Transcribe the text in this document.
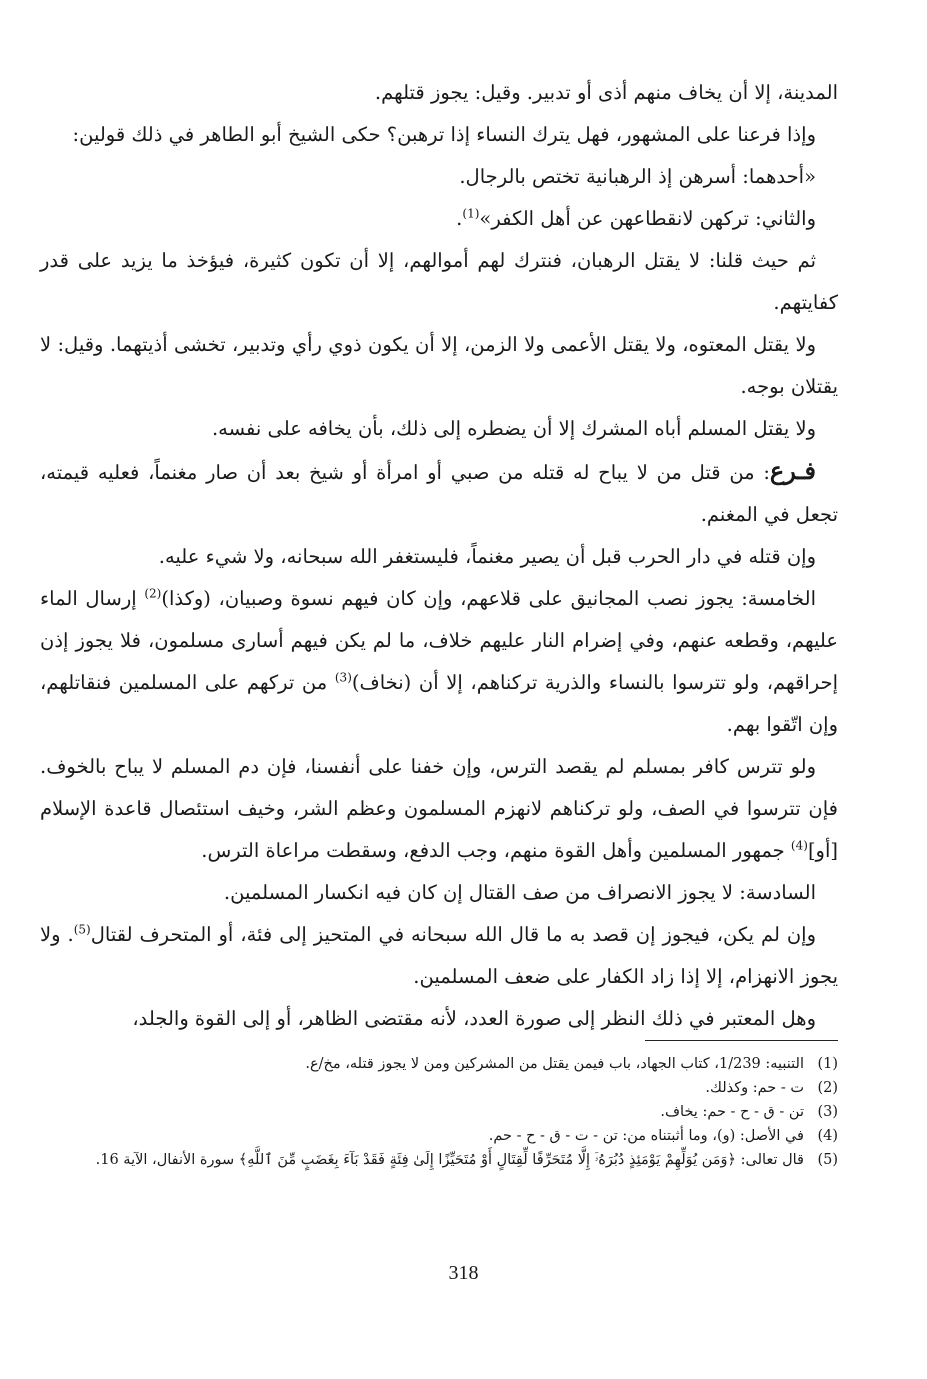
المدينة، إلا أن يخاف منهم أذى أو تدبير. وقيل: يجوز قتلهم.

وإذا فرعنا على المشهور، فهل يترك النساء إذا ترهبن؟ حكى الشيخ أبو الطاهر في ذلك قولين:

«أحدهما: أسرهن إذ الرهبانية تختص بالرجال.

والثاني: تركهن لانقطاعهن عن أهل الكفر»$^{(1)}$.

ثم حيث قلنا: لا يقتل الرهبان، فنترك لهم أموالهم، إلا أن تكون كثيرة، فيؤخذ ما يزيد على قدر كفايتهم.

ولا يقتل المعتوه، ولا يقتل الأعمى ولا الزمن، إلا أن يكون ذوي رأي وتدبير، تخشى أذيتهما. وقيل: لا يقتلان بوجه.

ولا يقتل المسلم أباه المشرك إلا أن يضطره إلى ذلك، بأن يخافه على نفسه.

فـرع: من قتل من لا يباح له قتله من صبي أو امرأة أو شيخ بعد أن صار مغنماً، فعليه قيمته، تجعل في المغنم.

وإن قتله في دار الحرب قبل أن يصير مغنماً، فليستغفر الله سبحانه، ولا شيء عليه.

الخامسة: يجوز نصب المجانيق على قلاعهم، وإن كان فيهم نسوة وصبيان، (وكذا)$^{(2)}$ إرسال الماء عليهم، وقطعه عنهم، وفي إضرام النار عليهم خلاف، ما لم يكن فيهم أسارى مسلمون، فلا يجوز إذن إحراقهم، ولو تترسوا بالنساء والذرية تركناهم، إلا أن (نخاف)$^{(3)}$ من تركهم على المسلمين فنقاتلهم، وإن اتّقوا بهم.

ولو تترس كافر بمسلم لم يقصد الترس، وإن خفنا على أنفسنا، فإن دم المسلم لا يباح بالخوف. فإن تترسوا في الصف، ولو تركناهم لانهزم المسلمون وعظم الشر، وخيف استئصال قاعدة الإسلام [أو]$^{(4)}$ جمهور المسلمين وأهل القوة منهم، وجب الدفع، وسقطت مراعاة الترس.

السادسة: لا يجوز الانصراف من صف القتال إن كان فيه انكسار المسلمين.

وإن لم يكن، فيجوز إن قصد به ما قال الله سبحانه في المتحيز إلى فئة، أو المتحرف لقتال$^{(5)}$. ولا يجوز الانهزام، إلا إذا زاد الكفار على ضعف المسلمين.

وهل المعتبر في ذلك النظر إلى صورة العدد، لأنه مقتضى الظاهر، أو إلى القوة والجلد،

(1)
التنبيه: 1/239، كتاب الجهاد، باب فيمن يقتل من المشركين ومن لا يجوز قتله، مخ/ع.
(2)
ت - حم: وكذلك.
(3)
تن - ق - ح - حم: يخاف.
(4)
في الأصل: (و)، وما أثبتناه من: تن - ت - ق - ح - حم.
(5)
قال تعالى: ﴿وَمَن يُوَلِّهِمْ يَوْمَئِذٍ دُبُرَهُۥٓ إِلَّا مُتَحَرِّفًا لِّقِتَالٍ أَوْ مُتَحَيِّزًا إِلَىٰ فِئَةٍ فَقَدْ بَآءَ بِغَضَبٍ مِّنَ ٱللَّهِ﴾ سورة الأنفال، الآية 16.
318
